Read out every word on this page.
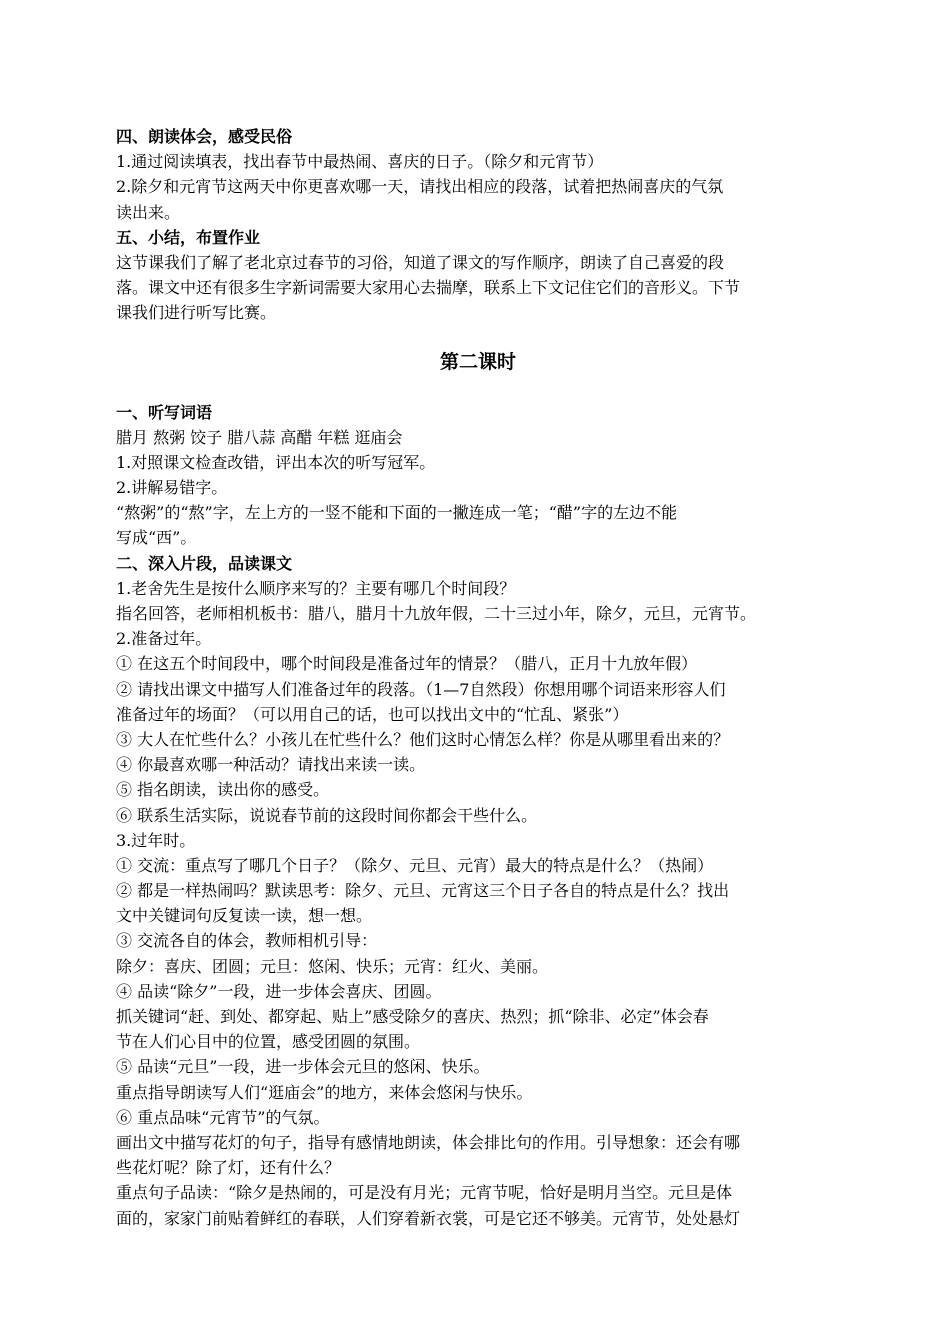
四、朗读体会，感受民俗
1.通过阅读填表，找出春节中最热闹、喜庆的日子。（除夕和元宵节）
2.除夕和元宵节这两天中你更喜欢哪一天，请找出相应的段落，试着把热闹喜庆的气氛
读出来。
五、小结，布置作业
这节课我们了解了老北京过春节的习俗，知道了课文的写作顺序，朗读了自己喜爱的段
落。课文中还有很多生字新词需要大家用心去揣摩，联系上下文记住它们的音形义。下节
课我们进行听写比赛。
第二课时
一、听写词语
腊月 熬粥 饺子 腊八蒜 高醋 年糕 逛庙会
1.对照课文检查改错，评出本次的听写冠军。
2.讲解易错字。
“熬粥”的“熬”字，左上方的一竖不能和下面的一撇连成一笔；“醋”字的左边不能
写成“西”。
二、深入片段，品读课文
1.老舍先生是按什么顺序来写的？主要有哪几个时间段？
指名回答，老师相机板书：腊八，腊月十九放年假，二十三过小年，除夕，元旦，元宵节。
2.准备过年。
① 在这五个时间段中，哪个时间段是准备过年的情景？（腊八，正月十九放年假）
② 请找出课文中描写人们准备过年的段落。（1—7自然段）你想用哪个词语来形容人们
准备过年的场面？（可以用自己的话，也可以找出文中的“忙乱、紧张”）
③ 大人在忙些什么？小孩儿在忙些什么？他们这时心情怎么样？你是从哪里看出来的？
④ 你最喜欢哪一种活动？请找出来读一读。
⑤ 指名朗读，读出你的感受。
⑥ 联系生活实际，说说春节前的这段时间你都会干些什么。
3.过年时。
① 交流：重点写了哪几个日子？（除夕、元旦、元宵）最大的特点是什么？（热闹）
② 都是一样热闹吗？默读思考：除夕、元旦、元宵这三个日子各自的特点是什么？找出
文中关键词句反复读一读，想一想。
③ 交流各自的体会，教师相机引导：
除夕：喜庆、团圆；元旦：悠闲、快乐；元宵：红火、美丽。
④ 品读“除夕”一段，进一步体会喜庆、团圆。
抓关键词“赶、到处、都穿起、贴上”感受除夕的喜庆、热烈；抓“除非、必定”体会春
节在人们心目中的位置，感受团圆的氛围。
⑤ 品读“元旦”一段，进一步体会元旦的悠闲、快乐。
重点指导朗读写人们“逛庙会”的地方，来体会悠闲与快乐。
⑥ 重点品味“元宵节”的气氛。
画出文中描写花灯的句子，指导有感情地朗读，体会排比句的作用。引导想象：还会有哪
些花灯呢？除了灯，还有什么？
重点句子品读：“除夕是热闹的，可是没有月光；元宵节呢，恰好是明月当空。元旦是体
面的，家家门前贴着鲜红的春联，人们穿着新衣裳，可是它还不够美。元宵节，处处悬灯
